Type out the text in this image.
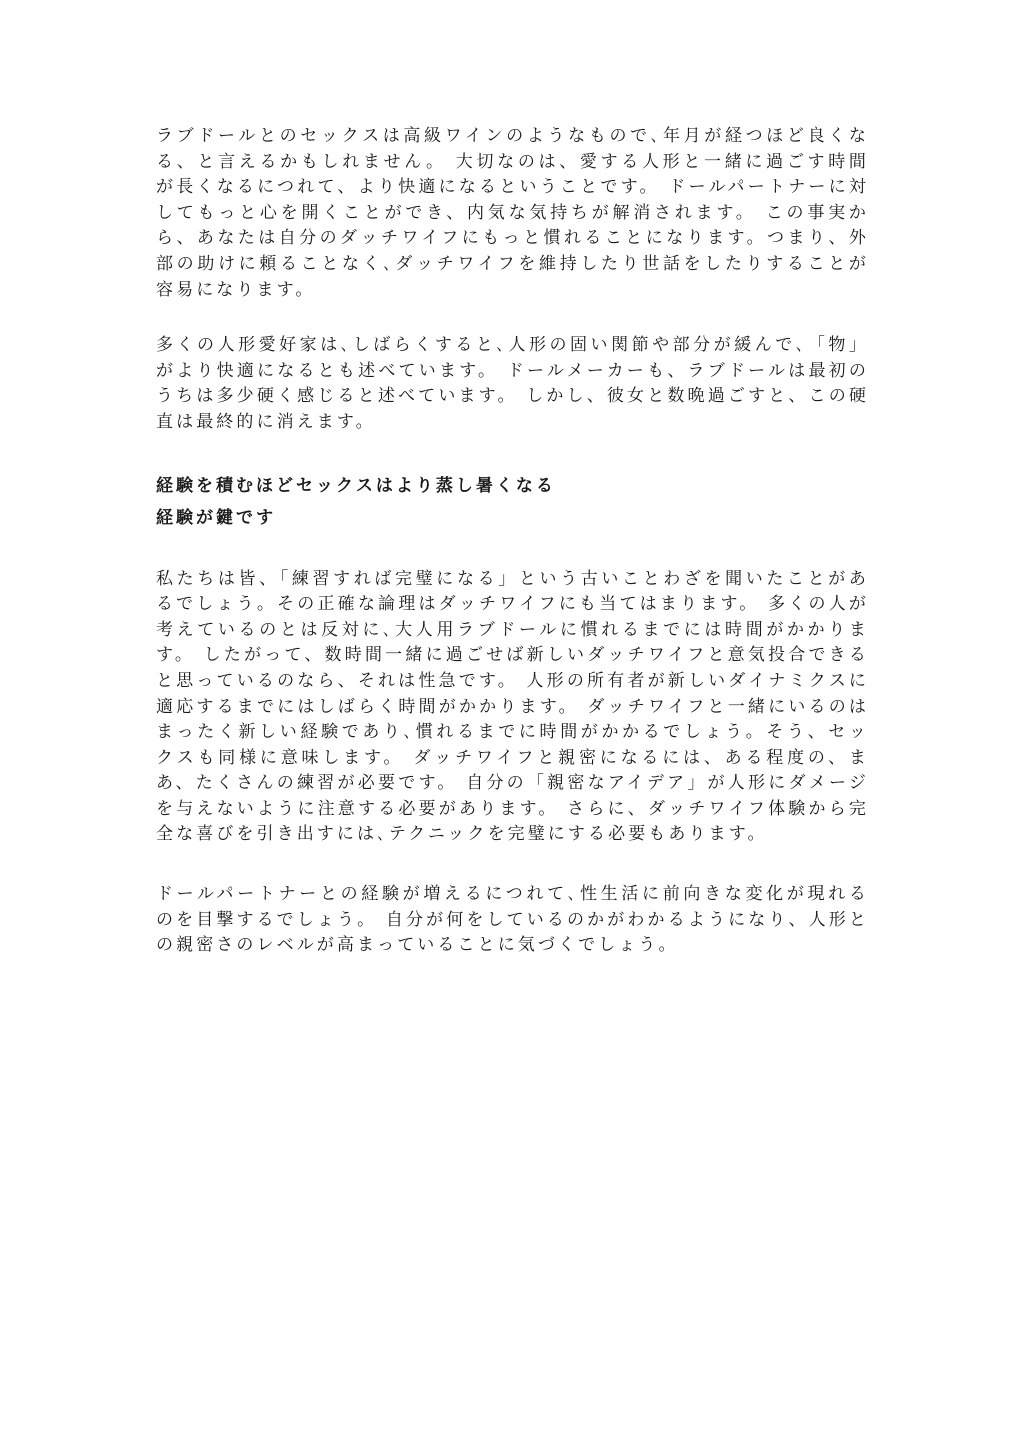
ラブドールとのセックスは高級ワインのようなもので､年月が経つほど良くなる、と言えるかもしれません。 大切なのは、愛する人形と一緒に過ごす時間が長くなるにつれて、より快適になるということです。 ドールパートナーに対してもっと心を開くことができ、内気な気持ちが解消されます。 この事実から、あなたは自分のダッチワイフにもっと慣れることになります。つまり、外部の助けに頼ることなく､ダッチワイフを維持したり世話をしたりすることが容易になります。

多くの人形愛好家は､しばらくすると､人形の固い関節や部分が緩んで､「物」がより快適になるとも述べています。 ドールメーカーも、ラブドールは最初のうちは多少硬く感じると述べています。 しかし、彼女と数晩過ごすと、この硬直は最終的に消えます。

経験を積むほどセックスはより蒸し暑くなる
経験が鍵です

私たちは皆、「練習すれば完璧になる」という古いことわざを聞いたことがあるでしょう。その正確な論理はダッチワイフにも当てはまります。 多くの人が考えているのとは反対に､大人用ラブドールに慣れるまでには時間がかかります。 したがって、数時間一緒に過ごせば新しいダッチワイフと意気投合できると思っているのなら、それは性急です。 人形の所有者が新しいダイナミクスに適応するまでにはしばらく時間がかかります。 ダッチワイフと一緒にいるのはまったく新しい経験であり､慣れるまでに時間がかかるでしょう。そう、セックスも同様に意味します。 ダッチワイフと親密になるには、ある程度の、まあ、たくさんの練習が必要です。 自分の「親密なアイデア」が人形にダメージを与えないように注意する必要があります。 さらに、ダッチワイフ体験から完全な喜びを引き出すには､テクニックを完璧にする必要もあります。

ドールパートナーとの経験が増えるにつれて､性生活に前向きな変化が現れるのを目撃するでしょう。 自分が何をしているのかがわかるようになり、人形との親密さのレベルが高まっていることに気づくでしょう。
